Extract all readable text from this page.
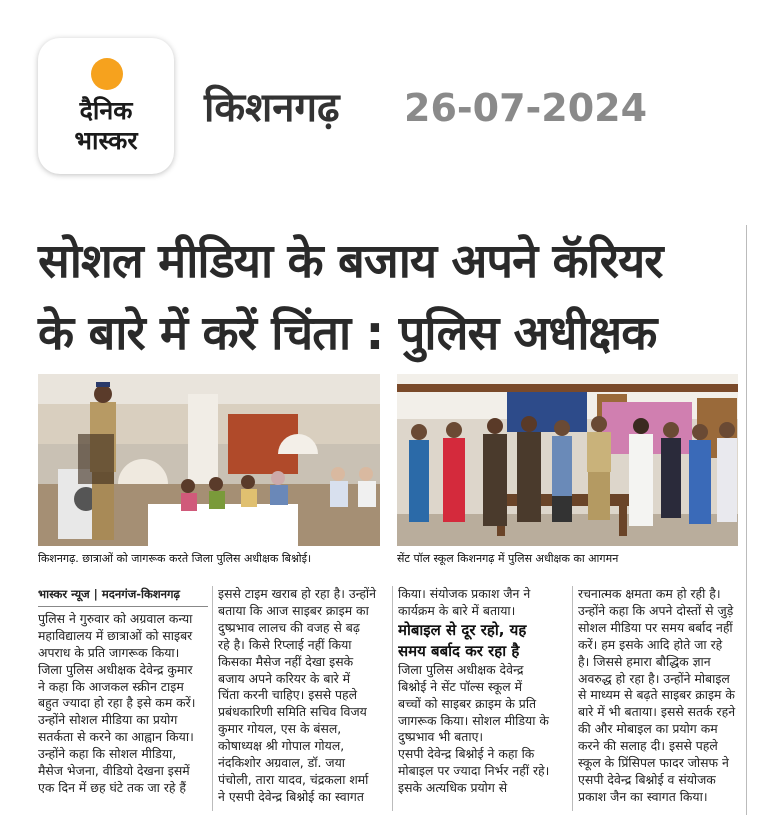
दैनिक
भास्कर
किशनगढ़ 26-07-2024
सोशल मीडिया के बजाय अपने कॅरियर
के बारे में करें चिंता : पुलिस अधीक्षक
किशनगढ़. छात्राओं को जागरूक करते जिला पुलिस अधीक्षक बिश्नोई।	सेंट पॉल स्कूल किशनगढ़ में पुलिस अधीक्षक का आगमन
भास्कर न्यूज | मदनगंज-किशनगढ़
पुलिस ने गुरुवार को अग्रवाल कन्या
महाविद्यालय में छात्राओं को साइबर
अपराध के प्रति जागरूक किया।
जिला पुलिस अधीक्षक देवेन्द्र कुमार
ने कहा कि आजकल स्क्रीन टाइम
बहुत ज्यादा हो रहा है इसे कम करें।
उन्होंने सोशल मीडिया का प्रयोग
सतर्कता से करने का आह्वान किया।
उन्होंने कहा कि सोशल मीडिया,
मैसेज भेजना, वीडियो देखना इसमें
एक दिन में छह घंटे तक जा रहे हैं
इससे टाइम खराब हो रहा है। उन्होंने
बताया कि आज साइबर क्राइम का
दुष्प्रभाव लालच की वजह से बढ़
रहे है। किसे रिप्लाई नहीं किया
किसका मैसेज नहीं देखा इसके
बजाय अपने करियर के बारे में
चिंता करनी चाहिए। इससे पहले
प्रबंधकारिणी समिति सचिव विजय
कुमार गोयल, एस के बंसल,
कोषाध्यक्ष श्री गोपाल गोयल,
नंदकिशोर अग्रवाल, डॉ. जया
पंचोली, तारा यादव, चंद्रकला शर्मा
ने एसपी देवेन्द्र बिश्नोई का स्वागत
किया। संयोजक प्रकाश जैन ने
कार्यक्रम के बारे में बताया।
मोबाइल से दूर रहो, यह
समय बर्बाद कर रहा है
जिला पुलिस अधीक्षक देवेन्द्र
बिश्नोई ने सेंट पॉल्स स्कूल में
बच्चों को साइबर क्राइम के प्रति
जागरूक किया। सोशल मीडिया के
दुष्प्रभाव भी बताए।
एसपी देवेन्द्र बिश्नोई ने कहा कि
मोबाइल पर ज्यादा निर्भर नहीं रहे।
इसके अत्यधिक प्रयोग से
रचनात्मक क्षमता कम हो रही है।
उन्होंने कहा कि अपने दोस्तों से जुड़े
सोशल मीडिया पर समय बर्बाद नहीं
करें। हम इसके आदि होते जा रहे
है। जिससे हमारा बौद्धिक ज्ञान
अवरुद्ध हो रहा है। उन्होंने मोबाइल
से माध्यम से बढ़ते साइबर क्राइम के
बारे में भी बताया। इससे सतर्क रहने
की और मोबाइल का प्रयोग कम
करने की सलाह दी। इससे पहले
स्कूल के प्रिंसिपल फादर जोसफ ने
एसपी देवेन्द्र बिश्नोई व संयोजक
प्रकाश जैन का स्वागत किया।
